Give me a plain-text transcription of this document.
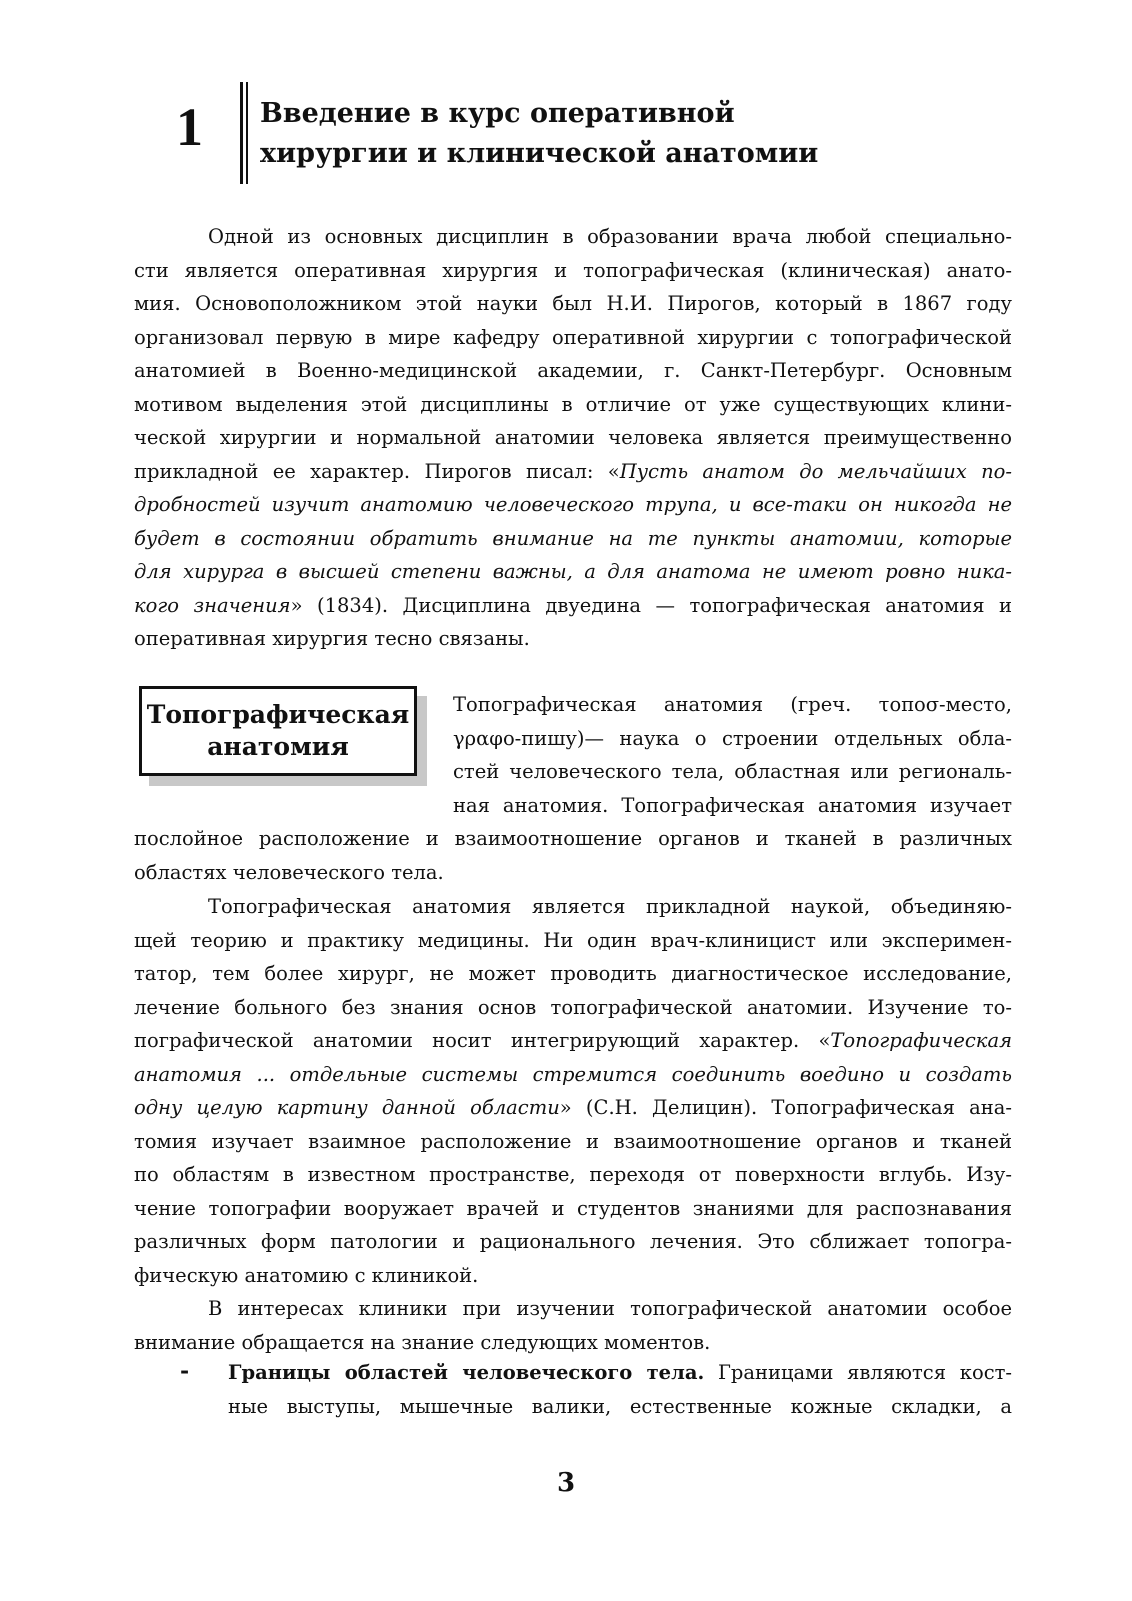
1 Введение в курс оперативной
хирургии и клинической анатомии
Одной из основных дисциплин в образовании врача любой специально-
сти является оперативная хирургия и топографическая (клиническая) анато-
мия. Основоположником этой науки был Н.И. Пирогов, который в 1867 году
организовал первую в мире кафедру оперативной хирургии с топографической
анатомией в Военно-медицинской академии, г. Санкт-Петербург. Основным
мотивом выделения этой дисциплины в отличие от уже существующих клини-
ческой хирургии и нормальной анатомии человека является преимущественно
прикладной ее характер. Пирогов писал: «Пусть анатом до мельчайших по-
дробностей изучит анатомию человеческого трупа, и все-таки он никогда не
будет в состоянии обратить внимание на те пункты анатомии, которые
для хирурга в высшей степени важны, а для анатома не имеют ровно ника-
кого значения» (1834). Дисциплина двуедина — топографическая анатомия и
оперативная хирургия тесно связаны.
Топографическая
анатомия
Топографическая анатомия (греч. τοπoσ-место,
γραφο-пишу)— наука о строении отдельных обла-
стей человеческого тела, областная или региональ-
ная анатомия. Топографическая анатомия изучает
послойное расположение и взаимоотношение органов и тканей в различных
областях человеческого тела.
Топографическая анатомия является прикладной наукой, объединяю-
щей теорию и практику медицины. Ни один врач-клиницист или эксперимен-
татор, тем более хирург, не может проводить диагностическое исследование,
лечение больного без знания основ топографической анатомии. Изучение то-
пографической анатомии носит интегрирующий характер. «Топографическая
анатомия ... отдельные системы стремится соединить воедино и создать
одну целую картину данной области» (С.Н. Делицин). Топографическая ана-
томия изучает взаимное расположение и взаимоотношение органов и тканей
по областям в известном пространстве, переходя от поверхности вглубь. Изу-
чение топографии вооружает врачей и студентов знаниями для распознавания
различных форм патологии и рационального лечения. Это сближает топогра-
фическую анатомию с клиникой.
В интересах клиники при изучении топографической анатомии особое
внимание обращается на знание следующих моментов.
- Границы областей человеческого тела. Границами являются кост-
ные выступы, мышечные валики, естественные кожные складки, а
3
